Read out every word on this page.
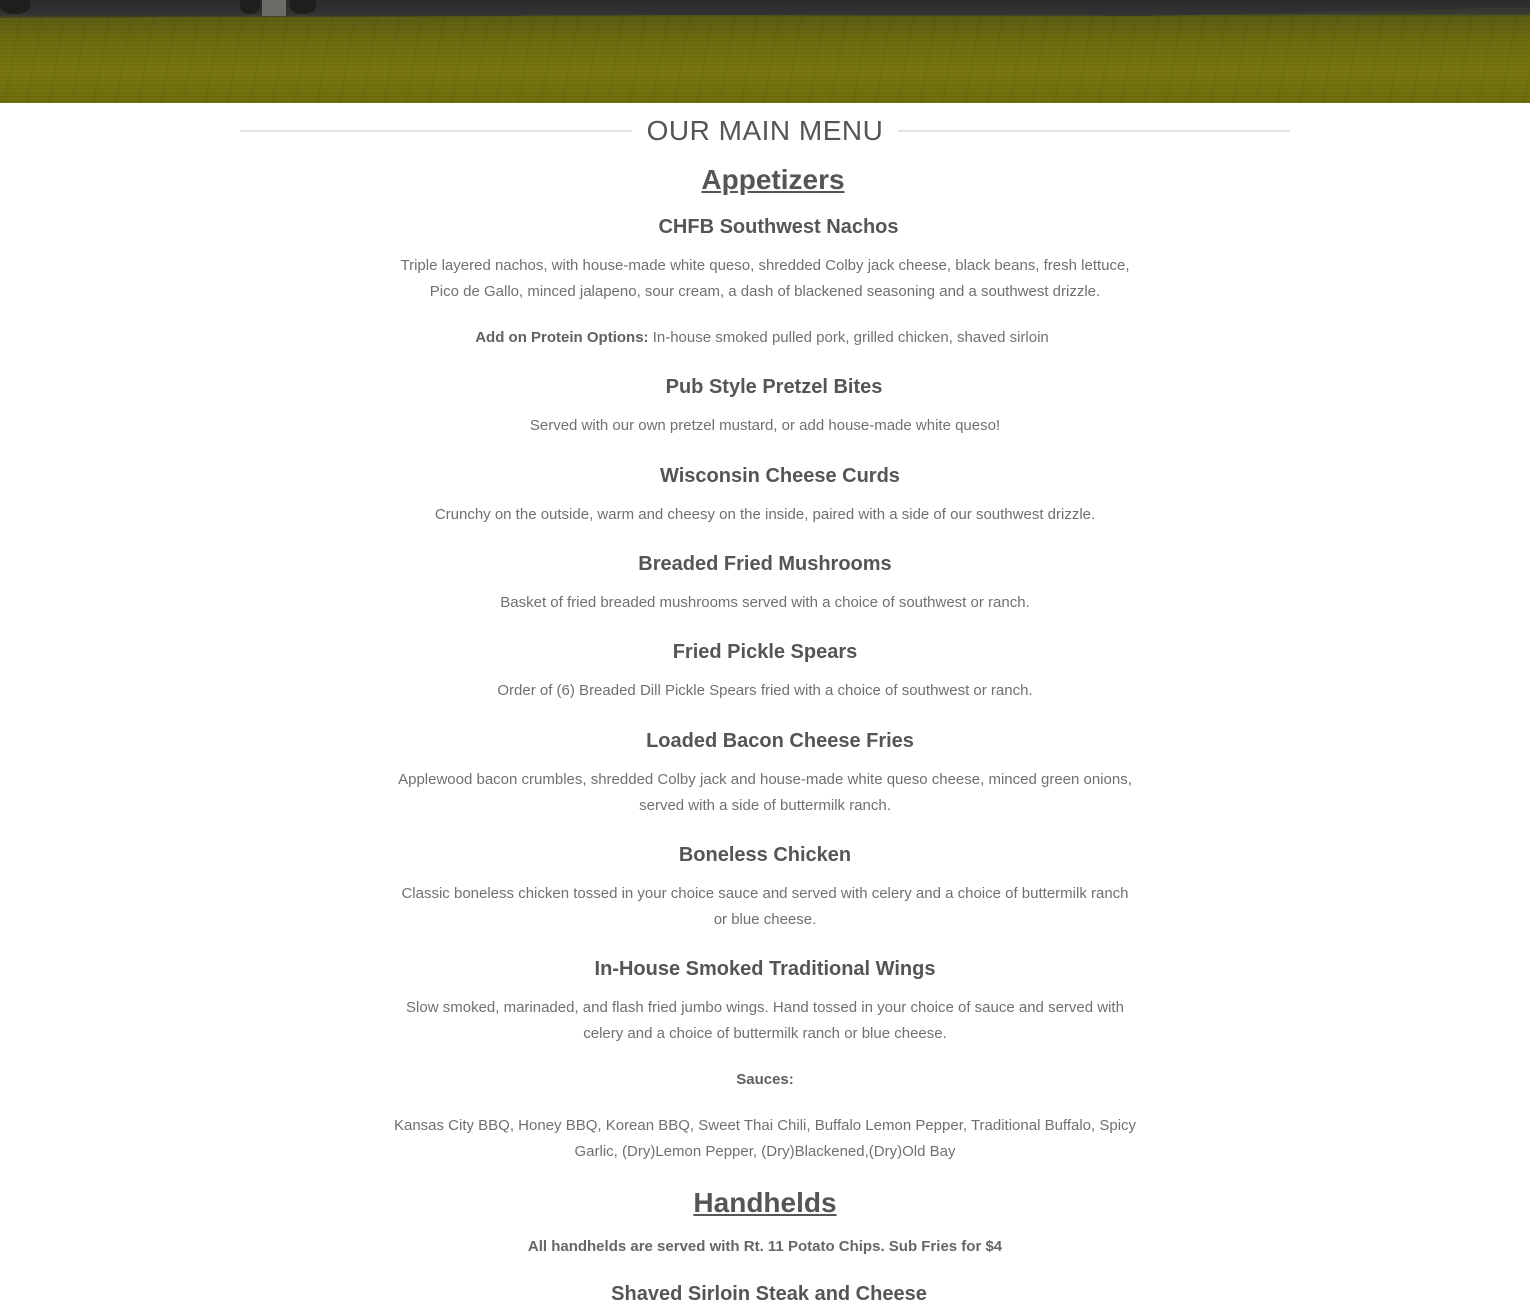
OUR MAIN MENU
Appetizers
CHFB Southwest Nachos

Triple layered nachos, with house-made white queso, shredded Colby jack cheese, black beans, fresh lettuce,

Pico de Gallo, minced jalapeno, sour cream, a dash of blackened seasoning and a southwest drizzle.

Add on Protein Options: In-house smoked pulled pork, grilled chicken, shaved sirloin

Pub Style Pretzel Bites

Served with our own pretzel mustard, or add house-made white queso!

Wisconsin Cheese Curds

Crunchy on the outside, warm and cheesy on the inside, paired with a side of our southwest drizzle.

Breaded Fried Mushrooms

Basket of fried breaded mushrooms served with a choice of southwest or ranch.

Fried Pickle Spears

Order of (6) Breaded Dill Pickle Spears fried with a choice of southwest or ranch.

Loaded Bacon Cheese Fries

Applewood bacon crumbles, shredded Colby jack and house-made white queso cheese, minced green onions,

served with a side of buttermilk ranch.

Boneless Chicken

Classic boneless chicken tossed in your choice sauce and served with celery and a choice of buttermilk ranch

or blue cheese.

In-House Smoked Traditional Wings

Slow smoked, marinaded, and flash fried jumbo wings. Hand tossed in your choice of sauce and served with

celery and a choice of buttermilk ranch or blue cheese.

Sauces:

Kansas City BBQ, Honey BBQ, Korean BBQ, Sweet Thai Chili, Buffalo Lemon Pepper, Traditional Buffalo, Spicy

Garlic, (Dry)Lemon Pepper, (Dry)Blackened,(Dry)Old Bay

Handhelds

All handhelds are served with Rt. 11 Potato Chips. Sub Fries for $4

Shaved Sirloin Steak and Cheese
